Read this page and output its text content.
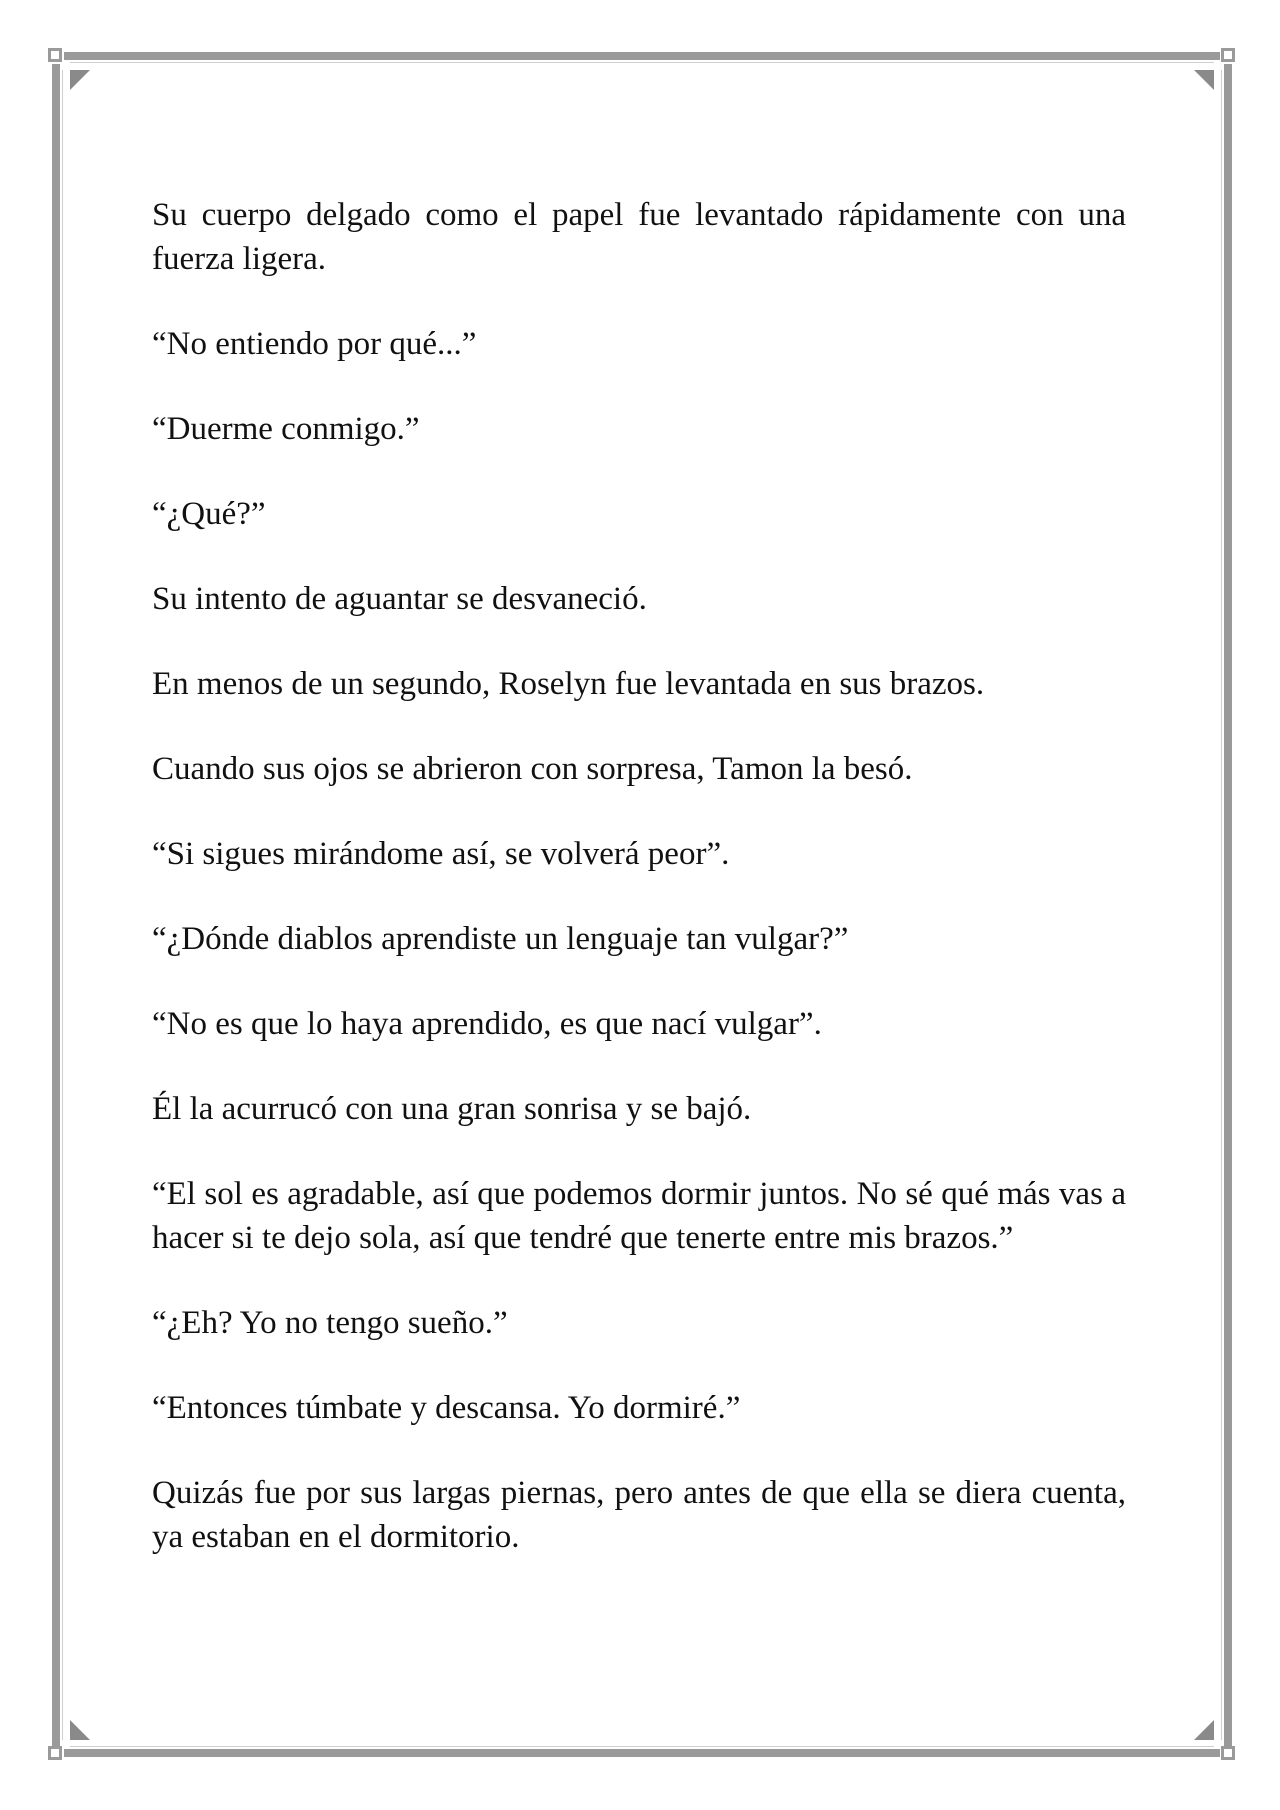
Su cuerpo delgado como el papel fue levantado rápidamente con una fuerza ligera.

“No entiendo por qué...”

“Duerme conmigo.”

“¿Qué?”

Su intento de aguantar se desvaneció.

En menos de un segundo, Roselyn fue levantada en sus brazos.

Cuando sus ojos se abrieron con sorpresa, Tamon la besó.

“Si sigues mirándome así, se volverá peor”.

“¿Dónde diablos aprendiste un lenguaje tan vulgar?”

“No es que lo haya aprendido, es que nací vulgar”.

Él la acurrucó con una gran sonrisa y se bajó.

“El sol es agradable, así que podemos dormir juntos. No sé qué más vas a hacer si te dejo sola, así que tendré que tenerte entre mis brazos.”

“¿Eh? Yo no tengo sueño.”

“Entonces túmbate y descansa. Yo dormiré.”

Quizás fue por sus largas piernas, pero antes de que ella se diera cuenta, ya estaban en el dormitorio.
